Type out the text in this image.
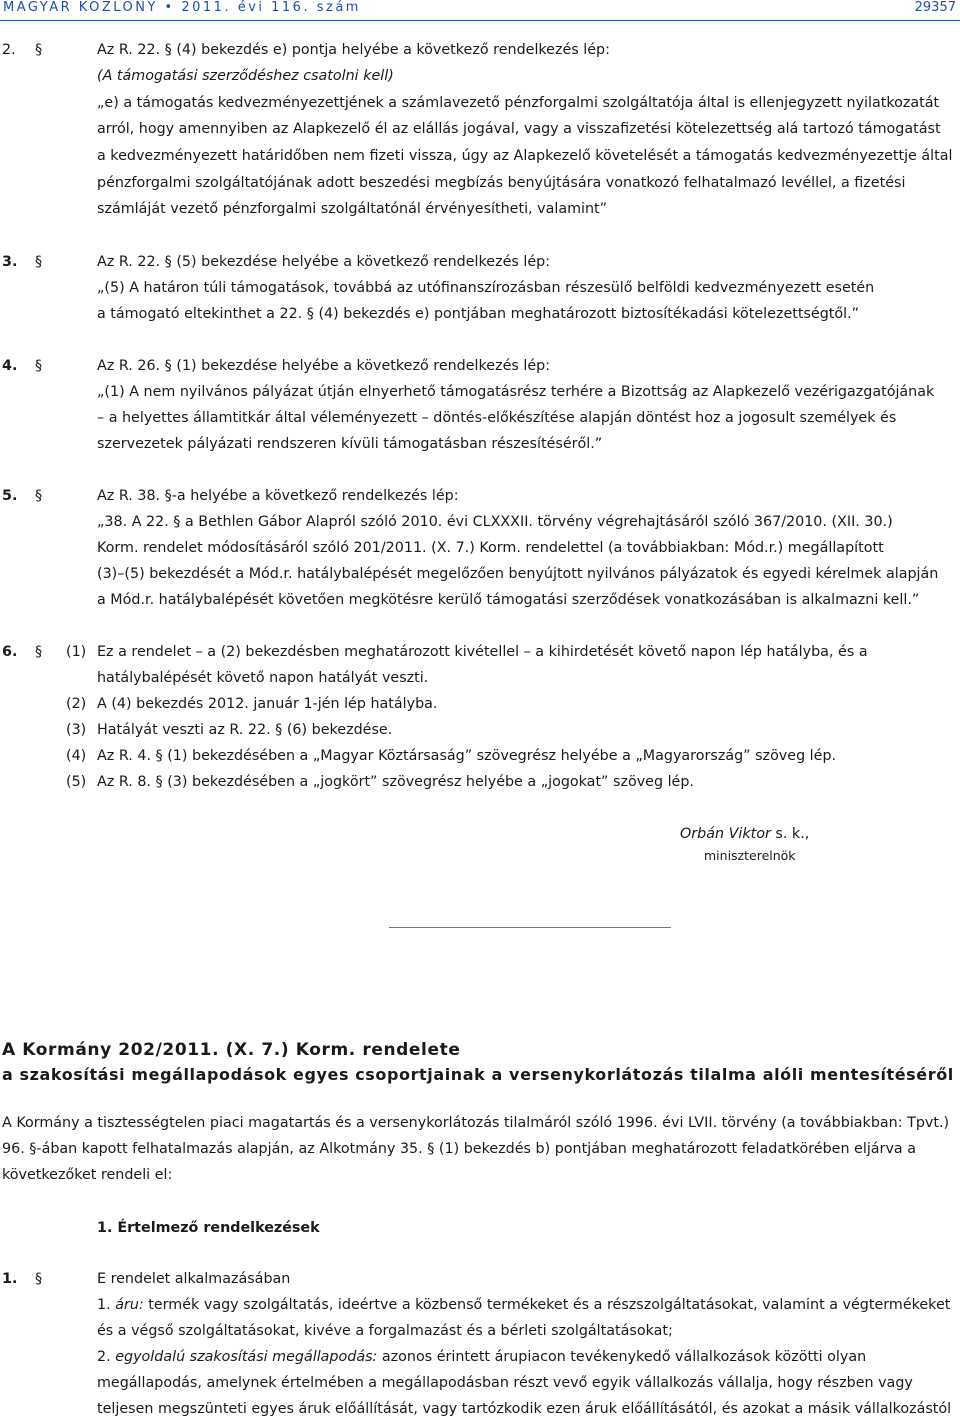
MAGYAR KÖZLÖNY • 2011. évi 116. szám	29357
2. §	Az R. 22. § (4) bekezdés e) pontja helyébe a következő rendelkezés lép:
(A támogatási szerződéshez csatolni kell)
„e) a támogatás kedvezményezettjének a számlavezető pénzforgalmi szolgáltatója által is ellenjegyzett nyilatkozatát
arról, hogy amennyiben az Alapkezelő él az elállás jogával, vagy a visszafizetési kötelezettség alá tartozó támogatást
a kedvezményezett határidőben nem fizeti vissza, úgy az Alapkezelő követelését a támogatás kedvezményezettje által
pénzforgalmi szolgáltatójának adott beszedési megbízás benyújtására vonatkozó felhatalmazó levéllel, a fizetési
számláját vezető pénzforgalmi szolgáltatónál érvényesítheti, valamint”
3. §	Az R. 22. § (5) bekezdése helyébe a következő rendelkezés lép:
„(5) A határon túli támogatások, továbbá az utófinanszírozásban részesülő belföldi kedvezményezett esetén
a támogató eltekinthet a 22. § (4) bekezdés e) pontjában meghatározott biztosítékadási kötelezettségtől.”
4. §	Az R. 26. § (1) bekezdése helyébe a következő rendelkezés lép:
„(1) A nem nyilvános pályázat útján elnyerhető támogatásrész terhére a Bizottság az Alapkezelő vezérigazgatójának
– a helyettes államtitkár által véleményezett – döntés-előkészítése alapján döntést hoz a jogosult személyek és
szervezetek pályázati rendszeren kívüli támogatásban részesítéséről.”
5. §	Az R. 38. §-a helyébe a következő rendelkezés lép:
„38. A 22. § a Bethlen Gábor Alapról szóló 2010. évi CLXXXII. törvény végrehajtásáról szóló 367/2010. (XII. 30.)
Korm. rendelet módosításáról szóló 201/2011. (X. 7.) Korm. rendelettel (a továbbiakban: Mód.r.) megállapított
(3)–(5) bekezdését a Mód.r. hatálybalépését megelőzően benyújtott nyilvános pályázatok és egyedi kérelmek alapján
a Mód.r. hatálybalépését követően megkötésre kerülő támogatási szerződések vonatkozásában is alkalmazni kell.”
6. § (1) Ez a rendelet – a (2) bekezdésben meghatározott kivétellel – a kihirdetését követő napon lép hatályba, és a
hatálybalépését követő napon hatályát veszti.
(2) A (4) bekezdés 2012. január 1-jén lép hatályba.
(3) Hatályát veszti az R. 22. § (6) bekezdése.
(4) Az R. 4. § (1) bekezdésében a „Magyar Köztársaság” szövegrész helyébe a „Magyarország” szöveg lép.
(5) Az R. 8. § (3) bekezdésében a „jogkört” szövegrész helyébe a „jogokat” szöveg lép.
Orbán Viktor s. k.,
miniszterelnök
A Kormány 202/2011. (X. 7.) Korm. rendelete
a szakosítási megállapodások egyes csoportjainak a versenykorlátozás tilalma alóli mentesítéséről
A Kormány a tisztességtelen piaci magatartás és a versenykorlátozás tilalmáról szóló 1996. évi LVII. törvény (a továbbiakban: Tpvt.)
96. §-ában kapott felhatalmazás alapján, az Alkotmány 35. § (1) bekezdés b) pontjában meghatározott feladatkörében eljárva a
következőket rendeli el:
1. Értelmező rendelkezések
1. §	E rendelet alkalmazásában
1. áru: termék vagy szolgáltatás, ideértve a közbenső termékeket és a részszolgáltatásokat, valamint a végtermékeket
és a végső szolgáltatásokat, kivéve a forgalmazást és a bérleti szolgáltatásokat;
2. egyoldalú szakosítási megállapodás: azonos érintett árupiacon tevékenykedő vállalkozások közötti olyan
megállapodás, amelynek értelmében a megállapodásban részt vevő egyik vállalkozás vállalja, hogy részben vagy
teljesen megszünteti egyes áruk előállítását, vagy tartózkodik ezen áruk előállításától, és azokat a másik vállalkozástól
